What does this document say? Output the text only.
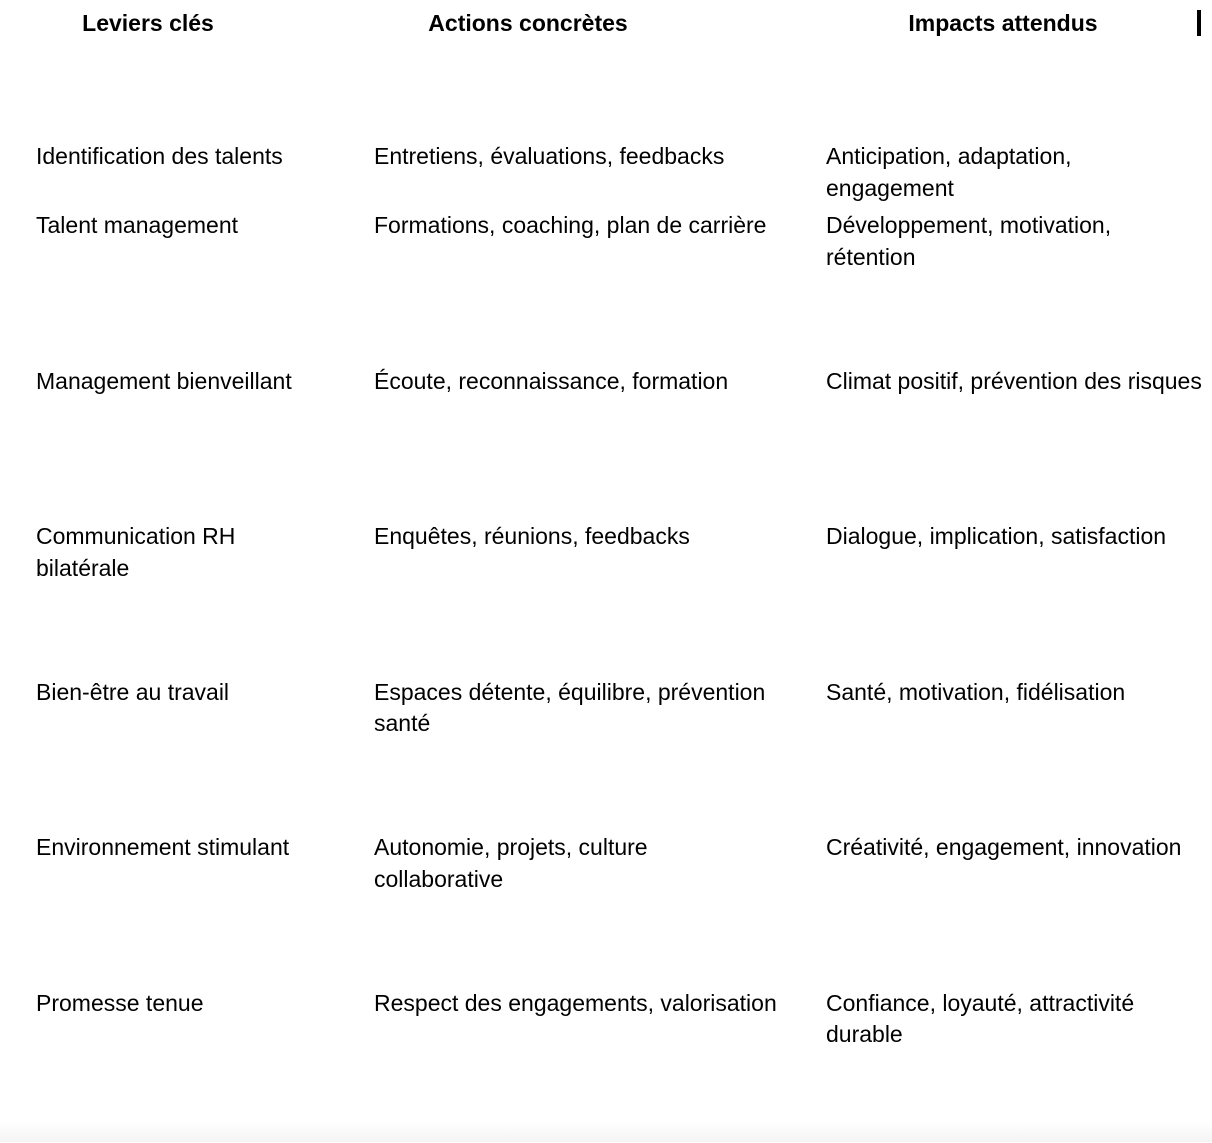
Leviers clés	Actions concrètes	Impacts attendus
Identification des talents	Entretiens, évaluations, feedbacks	Anticipation, adaptation, engagement
Talent management	Formations, coaching, plan de carrière	Développement, motivation, rétention
Management bienveillant	Écoute, reconnaissance, formation	Climat positif, prévention des risques
Communication RH bilatérale	Enquêtes, réunions, feedbacks	Dialogue, implication, satisfaction
Bien-être au travail	Espaces détente, équilibre, prévention santé	Santé, motivation, fidélisation
Environnement stimulant	Autonomie, projets, culture collaborative	Créativité, engagement, innovation
Promesse tenue	Respect des engagements, valorisation	Confiance, loyauté, attractivité durable
